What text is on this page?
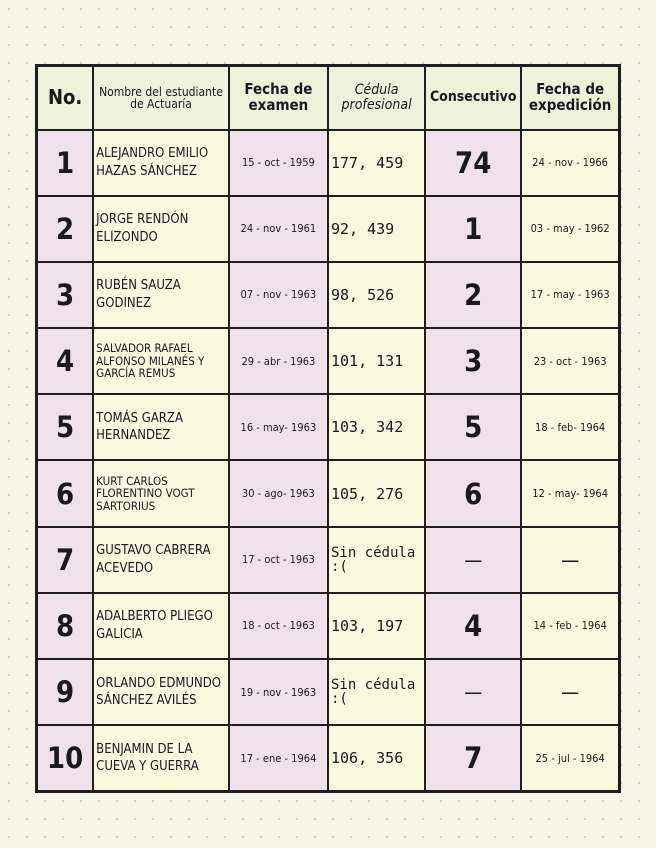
No.	Nombre del estudiante de Actuaría	Fecha de examen	Cédula profesional	Consecutivo	Fecha de expedición
1	ALEJANDRO EMILIO HAZAS SÁNCHEZ	15 - oct - 1959	177, 459	74	24 - nov - 1966
2	JORGE RENDÓN ELIZONDO	24 - nov - 1961	92, 439	1	03 - may - 1962
3	RUBÉN SAUZA GODINEZ	07 - nov - 1963	98, 526	2	17 - may - 1963
4	SALVADOR RAFAEL ALFONSO MILANÉS Y GARCÍA REMUS	29 - abr - 1963	101, 131	3	23 - oct - 1963
5	TOMÁS GARZA HERNANDEZ	16 - may- 1963	103, 342	5	18 - feb- 1964
6	KURT CARLOS FLORENTINO VOGT SARTORIUS	30 - ago- 1963	105, 276	6	12 - may- 1964
7	GUSTAVO CABRERA ACEVEDO	17 - oct - 1963	Sin cédula :(	—	—
8	ADALBERTO PLIEGO GALICIA	18 - oct - 1963	103, 197	4	14 - feb - 1964
9	ORLANDO EDMUNDO SÁNCHEZ AVILÉS	19 - nov - 1963	Sin cédula :(	—	—
10	BENJAMIN DE LA CUEVA Y GUERRA	17 - ene - 1964	106, 356	7	25 - jul - 1964
